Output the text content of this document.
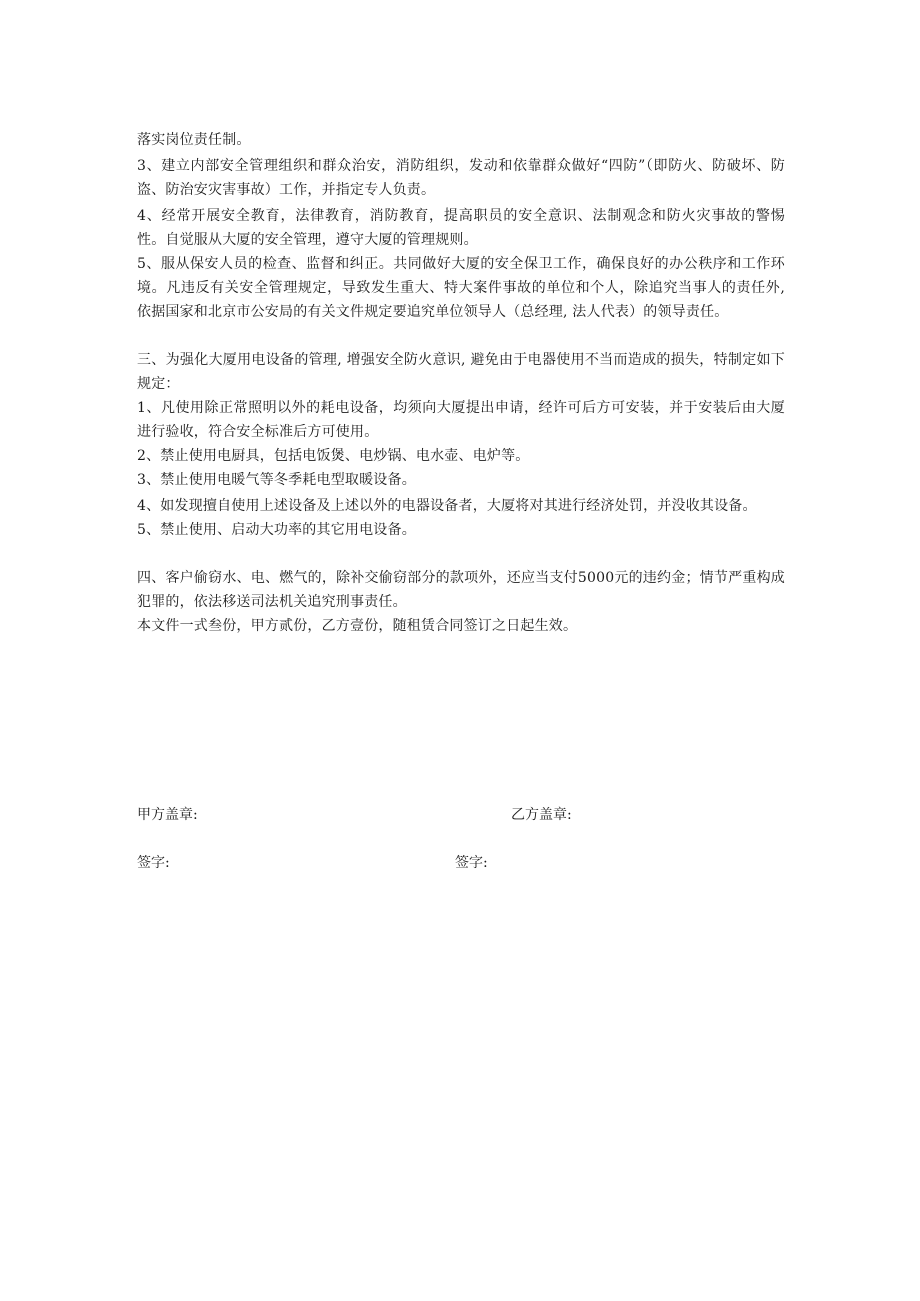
落实岗位责任制。

3、建立内部安全管理组织和群众治安，消防组织，发动和依靠群众做好“四防”（即防火、防破坏、防盗、防治安灾害事故）工作，并指定专人负责。

4、经常开展安全教育，法律教育，消防教育，提高职员的安全意识、法制观念和防火灾事故的警惕性。自觉服从大厦的安全管理，遵守大厦的管理规则。

5、服从保安人员的检查、监督和纠正。共同做好大厦的安全保卫工作，确保良好的办公秩序和工作环境。凡违反有关安全管理规定，导致发生重大、特大案件事故的单位和个人，除追究当事人的责任外, 依据国家和北京市公安局的有关文件规定要追究单位领导人（总经理, 法人代表）的领导责任。

三、为强化大厦用电设备的管理, 增强安全防火意识, 避免由于电器使用不当而造成的损失，特制定如下规定：

1、凡使用除正常照明以外的耗电设备，均须向大厦提出申请，经许可后方可安装，并于安装后由大厦进行验收，符合安全标准后方可使用。

2、禁止使用电厨具，包括电饭煲、电炒锅、电水壶、电炉等。

3、禁止使用电暖气等冬季耗电型取暖设备。

4、如发现擅自使用上述设备及上述以外的电器设备者，大厦将对其进行经济处罚，并没收其设备。

5、禁止使用、启动大功率的其它用电设备。

四、客户偷窃水、电、燃气的，除补交偷窃部分的款项外，还应当支付5000元的违约金；情节严重构成犯罪的，依法移送司法机关追究刑事责任。

本文件一式叁份，甲方贰份，乙方壹份，随租赁合同签订之日起生效。

甲方盖章:	乙方盖章:
签字:	签字:
